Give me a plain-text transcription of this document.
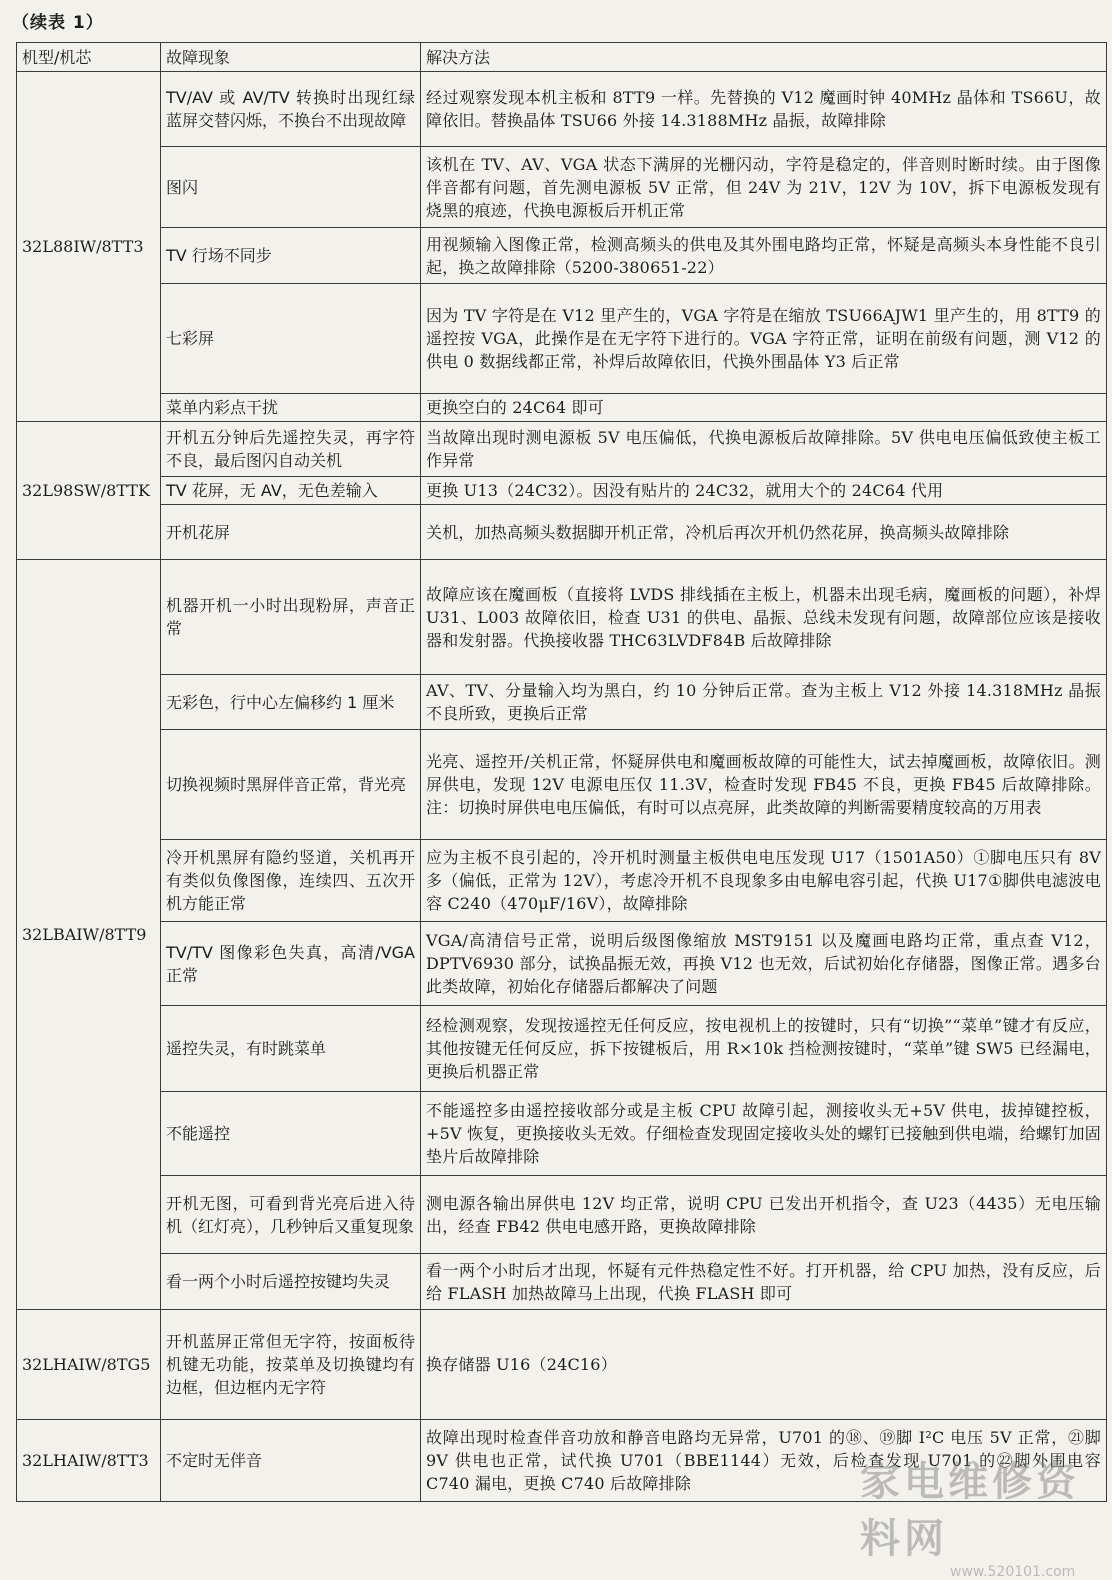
（续表 1）
机型/机芯	故障现象	解决方法
32L88IW/8TT3	TV/AV 或 AV/TV 转换时出现红绿蓝屏交替闪烁，不换台不出现故障	经过观察发现本机主板和 8TT9 一样。先替换的 V12 魔画时钟 40MHz 晶体和 TS66U，故障依旧。替换晶体 TSU66 外接 14.3188MHz 晶振，故障排除
	图闪	该机在 TV、AV、VGA 状态下满屏的光栅闪动，字符是稳定的，伴音则时断时续。由于图像伴音都有问题，首先测电源板 5V 正常，但 24V 为 21V，12V 为 10V，拆下电源板发现有烧黑的痕迹，代换电源板后开机正常
	TV 行场不同步	用视频输入图像正常，检测高频头的供电及其外围电路均正常，怀疑是高频头本身性能不良引起，换之故障排除（5200-380651-22）
	七彩屏	因为 TV 字符是在 V12 里产生的，VGA 字符是在缩放 TSU66AJW1 里产生的，用 8TT9 的遥控按 VGA，此操作是在无字符下进行的。VGA 字符正常，证明在前级有问题，测 V12 的供电 0 数据线都正常，补焊后故障依旧，代换外围晶体 Y3 后正常
	菜单内彩点干扰	更换空白的 24C64 即可
32L98SW/8TTK	开机五分钟后先遥控失灵，再字符不良，最后图闪自动关机	当故障出现时测电源板 5V 电压偏低，代换电源板后故障排除。5V 供电电压偏低致使主板工作异常
	TV 花屏，无 AV，无色差输入	更换 U13（24C32）。因没有贴片的 24C32，就用大个的 24C64 代用
	开机花屏	关机，加热高频头数据脚开机正常，冷机后再次开机仍然花屏，换高频头故障排除
32LBAIW/8TT9	机器开机一小时出现粉屏，声音正常	故障应该在魔画板（直接将 LVDS 排线插在主板上，机器未出现毛病，魔画板的问题），补焊 U31、L003 故障依旧，检查 U31 的供电、晶振、总线未发现有问题，故障部位应该是接收器和发射器。代换接收器 THC63LVDF84B 后故障排除
	无彩色，行中心左偏移约 1 厘米	AV、TV、分量输入均为黑白，约 10 分钟后正常。查为主板上 V12 外接 14.318MHz 晶振不良所致，更换后正常
	切换视频时黑屏伴音正常，背光亮	光亮、遥控开/关机正常，怀疑屏供电和魔画板故障的可能性大，试去掉魔画板，故障依旧。测屏供电，发现 12V 电源电压仅 11.3V，检查时发现 FB45 不良，更换 FB45 后故障排除。注：切换时屏供电电压偏低，有时可以点亮屏，此类故障的判断需要精度较高的万用表
	冷开机黑屏有隐约竖道，关机再开有类似负像图像，连续四、五次开机方能正常	应为主板不良引起的，冷开机时测量主板供电电压发现 U17（1501A50）①脚电压只有 8V 多（偏低，正常为 12V），考虑冷开机不良现象多由电解电容引起，代换 U17①脚供电滤波电容 C240（470μF/16V），故障排除
	TV/TV 图像彩色失真，高清/VGA 正常	VGA/高清信号正常，说明后级图像缩放 MST9151 以及魔画电路均正常，重点查 V12，DPTV6930 部分，试换晶振无效，再换 V12 也无效，后试初始化存储器，图像正常。遇多台此类故障，初始化存储器后都解决了问题
	遥控失灵，有时跳菜单	经检测观察，发现按遥控无任何反应，按电视机上的按键时，只有“切换”“菜单”键才有反应，其他按键无任何反应，拆下按键板后，用 R×10k 挡检测按键时，“菜单”键 SW5 已经漏电，更换后机器正常
	不能遥控	不能遥控多由遥控接收部分或是主板 CPU 故障引起，测接收头无+5V 供电，拔掉键控板，+5V 恢复，更换接收头无效。仔细检查发现固定接收头处的螺钉已接触到供电端，给螺钉加固垫片后故障排除
	开机无图，可看到背光亮后进入待机（红灯亮），几秒钟后又重复现象	测电源各输出屏供电 12V 均正常，说明 CPU 已发出开机指令，查 U23（4435）无电压输出，经查 FB42 供电电感开路，更换故障排除
	看一两个小时后遥控按键均失灵	看一两个小时后才出现，怀疑有元件热稳定性不好。打开机器，给 CPU 加热，没有反应，后给 FLASH 加热故障马上出现，代换 FLASH 即可
32LHAIW/8TG5	开机蓝屏正常但无字符，按面板待机键无功能，按菜单及切换键均有边框，但边框内无字符	换存储器 U16（24C16）
32LHAIW/8TT3	不定时无伴音	故障出现时检查伴音功放和静音电路均无异常，U701 的⑱、⑲脚 I²C 电压 5V 正常，㉑脚 9V 供电也正常，试代换 U701（BBE1144）无效，后检查发现 U701 的㉒脚外围电容 C740 漏电，更换 C740 后故障排除	家电维修资料网
www.520101.com
